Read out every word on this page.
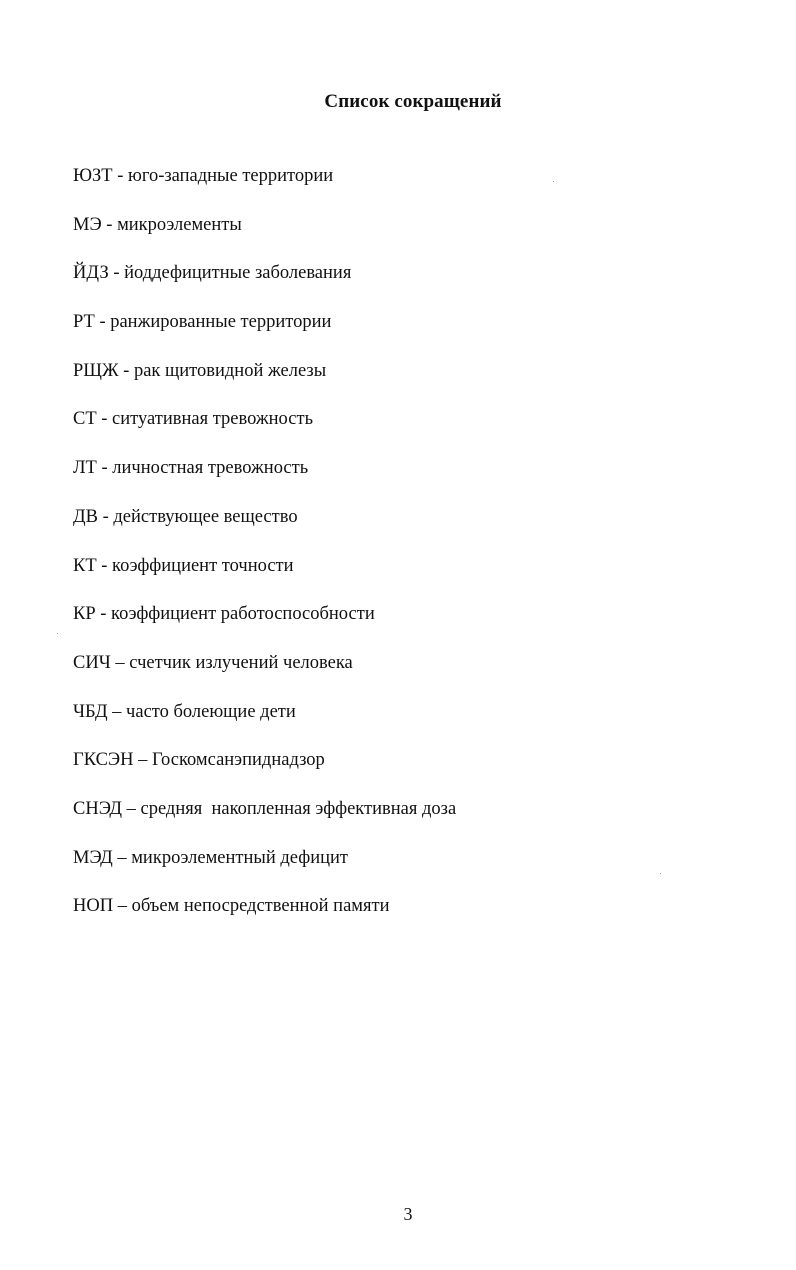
Список сокращений
ЮЗТ - юго-западные территории
МЭ - микроэлементы
ЙДЗ - йоддефицитные заболевания
РТ - ранжированные территории
РЩЖ - рак щитовидной железы
СТ - ситуативная тревожность
ЛТ - личностная тревожность
ДВ - действующее вещество
КТ - коэффициент точности
КР - коэффициент работоспособности
СИЧ – счетчик излучений человека
ЧБД – часто болеющие дети
ГКСЭН – Госкомсанэпиднадзор
СНЭД – средняя  накопленная эффективная доза
МЭД – микроэлементный дефицит
НОП – объем непосредственной памяти
3
